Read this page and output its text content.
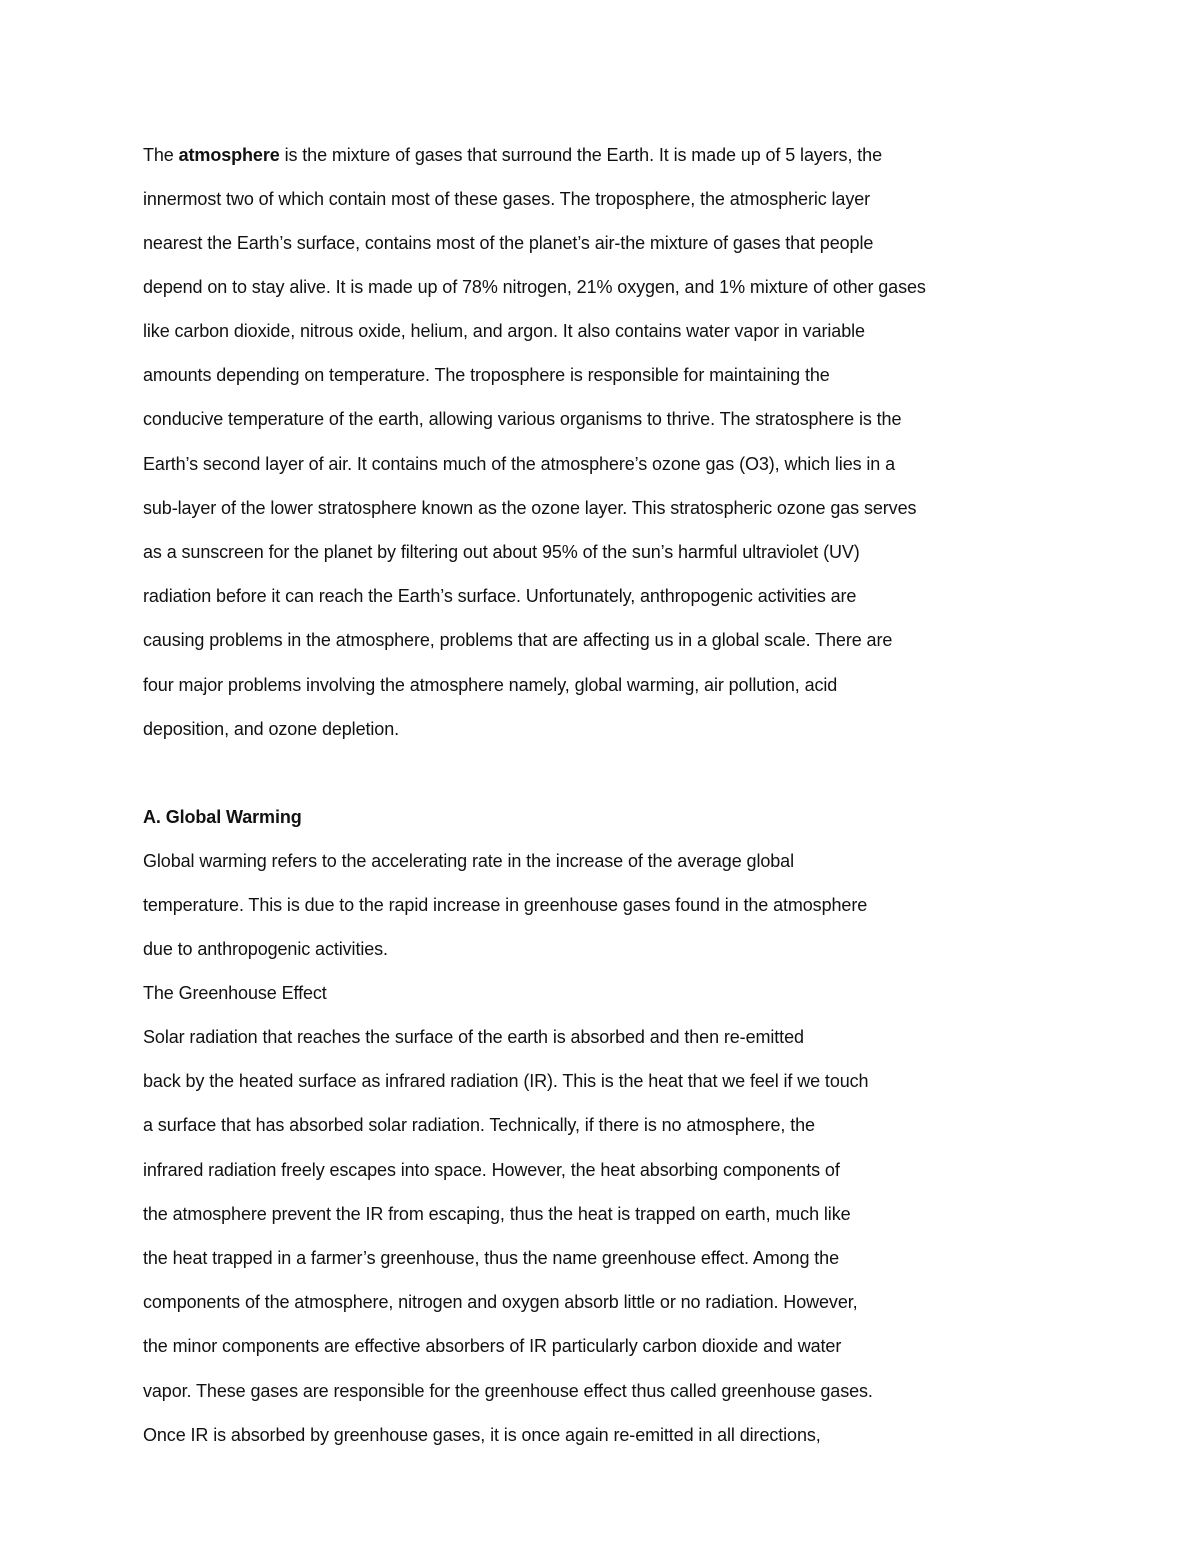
The atmosphere is the mixture of gases that surround the Earth. It is made up of 5 layers, the
innermost two of which contain most of these gases. The troposphere, the atmospheric layer
nearest the Earth’s surface, contains most of the planet’s air-the mixture of gases that people
depend on to stay alive. It is made up of 78% nitrogen, 21% oxygen, and 1% mixture of other gases
like carbon dioxide, nitrous oxide, helium, and argon. It also contains water vapor in variable
amounts depending on temperature. The troposphere is responsible for maintaining the
conducive temperature of the earth, allowing various organisms to thrive. The stratosphere is the
Earth’s second layer of air. It contains much of the atmosphere’s ozone gas (O3), which lies in a
sub-layer of the lower stratosphere known as the ozone layer. This stratospheric ozone gas serves
as a sunscreen for the planet by filtering out about 95% of the sun’s harmful ultraviolet (UV)
radiation before it can reach the Earth’s surface. Unfortunately, anthropogenic activities are
causing problems in the atmosphere, problems that are affecting us in a global scale. There are
four major problems involving the atmosphere namely, global warming, air pollution, acid
deposition, and ozone depletion.
A. Global Warming
Global warming refers to the accelerating rate in the increase of the average global
temperature. This is due to the rapid increase in greenhouse gases found in the atmosphere
due to anthropogenic activities.
The Greenhouse Effect
Solar radiation that reaches the surface of the earth is absorbed and then re-emitted
back by the heated surface as infrared radiation (IR). This is the heat that we feel if we touch
a surface that has absorbed solar radiation. Technically, if there is no atmosphere, the
infrared radiation freely escapes into space. However, the heat absorbing components of
the atmosphere prevent the IR from escaping, thus the heat is trapped on earth, much like
the heat trapped in a farmer’s greenhouse, thus the name greenhouse effect. Among the
components of the atmosphere, nitrogen and oxygen absorb little or no radiation. However,
the minor components are effective absorbers of IR particularly carbon dioxide and water
vapor. These gases are responsible for the greenhouse effect thus called greenhouse gases.
Once IR is absorbed by greenhouse gases, it is once again re-emitted in all directions,
